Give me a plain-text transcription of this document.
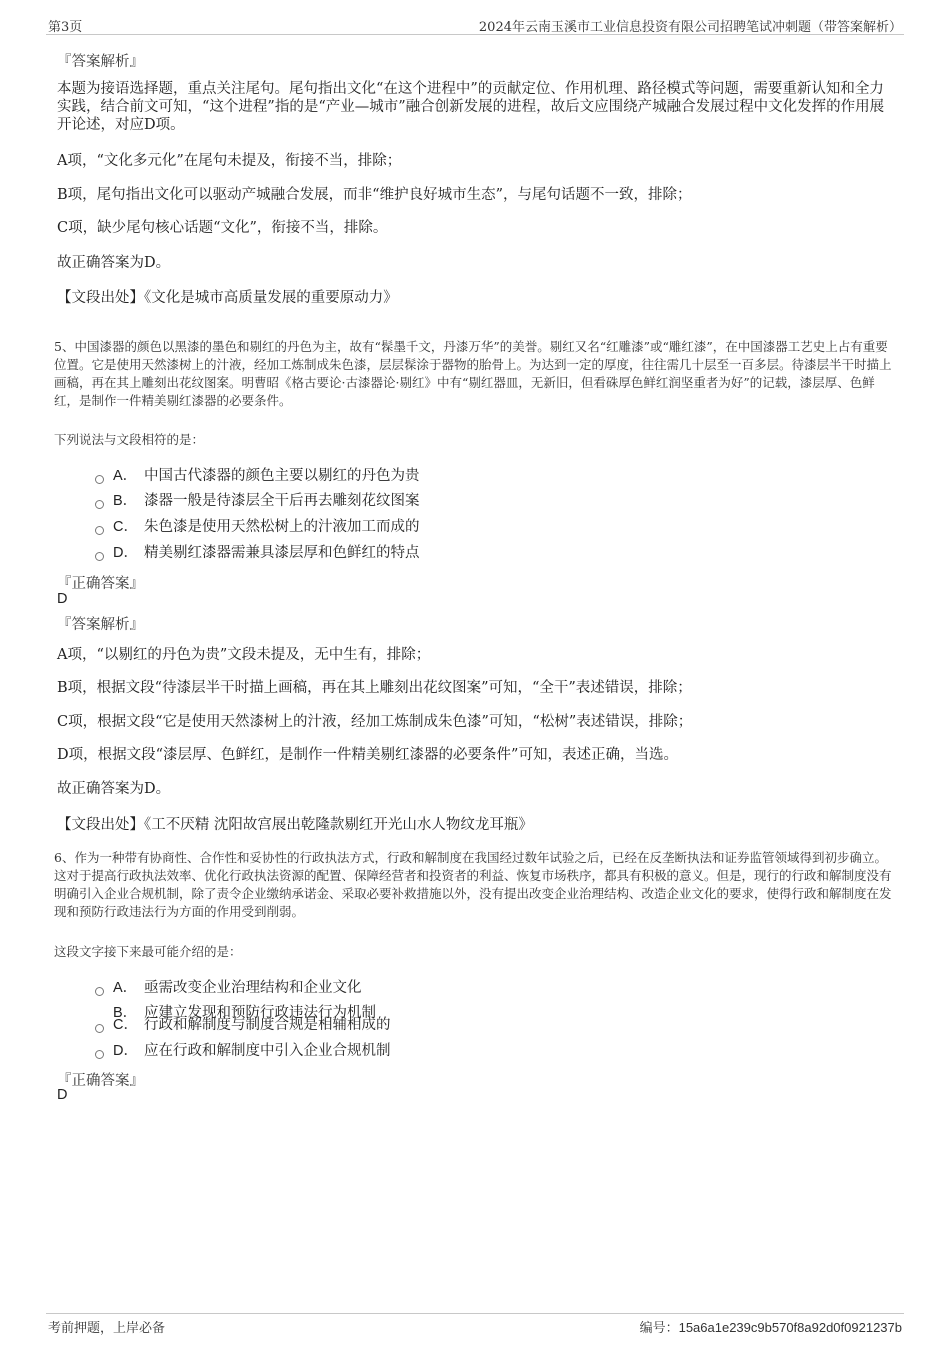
第3页	2024年云南玉溪市工业信息投资有限公司招聘笔试冲刺题（带答案解析）
『答案解析』
本题为接语选择题，重点关注尾句。尾句指出文化“在这个进程中”的贡献定位、作用机理、路径模式等问题，需要重新认知和全力实践，结合前文可知，“这个进程”指的是“产业—城市”融合创新发展的进程，故后文应围绕产城融合发展过程中文化发挥的作用展开论述，对应D项。
A项，“文化多元化”在尾句未提及，衔接不当，排除；
B项，尾句指出文化可以驱动产城融合发展，而非“维护良好城市生态”，与尾句话题不一致，排除；
C项，缺少尾句核心话题“文化”，衔接不当，排除。
故正确答案为D。
【文段出处】《文化是城市高质量发展的重要原动力》
5、中国漆器的颜色以黑漆的墨色和剔红的丹色为主，故有“髹墨千文，丹漆万华”的美誉。剔红又名“红雕漆”或“雕红漆”，在中国漆器工艺史上占有重要位置。它是使用天然漆树上的汁液，经加工炼制成朱色漆，层层髹涂于器物的胎骨上。为达到一定的厚度，往往需几十层至一百多层。待漆层半干时描上画稿，再在其上雕刻出花纹图案。明曹昭《格古要论·古漆器论·剔红》中有“剔红器皿，无新旧，但看硃厚色鲜红润坚重者为好”的记载，漆层厚、色鲜红，是制作一件精美剔红漆器的必要条件。
下列说法与文段相符的是：
A． 中国古代漆器的颜色主要以剔红的丹色为贵
B． 漆器一般是待漆层全干后再去雕刻花纹图案
C． 朱色漆是使用天然松树上的汁液加工而成的
D． 精美剔红漆器需兼具漆层厚和色鲜红的特点
『正确答案』
D
『答案解析』
A项，“以剔红的丹色为贵”文段未提及，无中生有，排除；
B项，根据文段“待漆层半干时描上画稿，再在其上雕刻出花纹图案”可知，“全干”表述错误，排除；
C项，根据文段“它是使用天然漆树上的汁液，经加工炼制成朱色漆”可知，“松树”表述错误，排除；
D项，根据文段“漆层厚、色鲜红，是制作一件精美剔红漆器的必要条件”可知，表述正确，当选。
故正确答案为D。
【文段出处】《工不厌精 沈阳故宫展出乾隆款剔红开光山水人物纹龙耳瓶》
6、作为一种带有协商性、合作性和妥协性的行政执法方式，行政和解制度在我国经过数年试验之后，已经在反垄断执法和证券监管领域得到初步确立。这对于提高行政执法效率、优化行政执法资源的配置、保障经营者和投资者的利益、恢复市场秩序，都具有积极的意义。但是，现行的行政和解制度没有明确引入企业合规机制，除了责令企业缴纳承诺金、采取必要补救措施以外，没有提出改变企业治理结构、改造企业文化的要求，使得行政和解制度在发现和预防行政违法行为方面的作用受到削弱。
这段文字接下来最可能介绍的是：
A． 亟需改变企业治理结构和企业文化
B． 应建立发现和预防行政违法行为机制
C． 行政和解制度与制度合规是相辅相成的
D． 应在行政和解制度中引入企业合规机制
『正确答案』
D
考前押题，上岸必备	编号：15a6a1e239c9b570f8a92d0f0921237b
